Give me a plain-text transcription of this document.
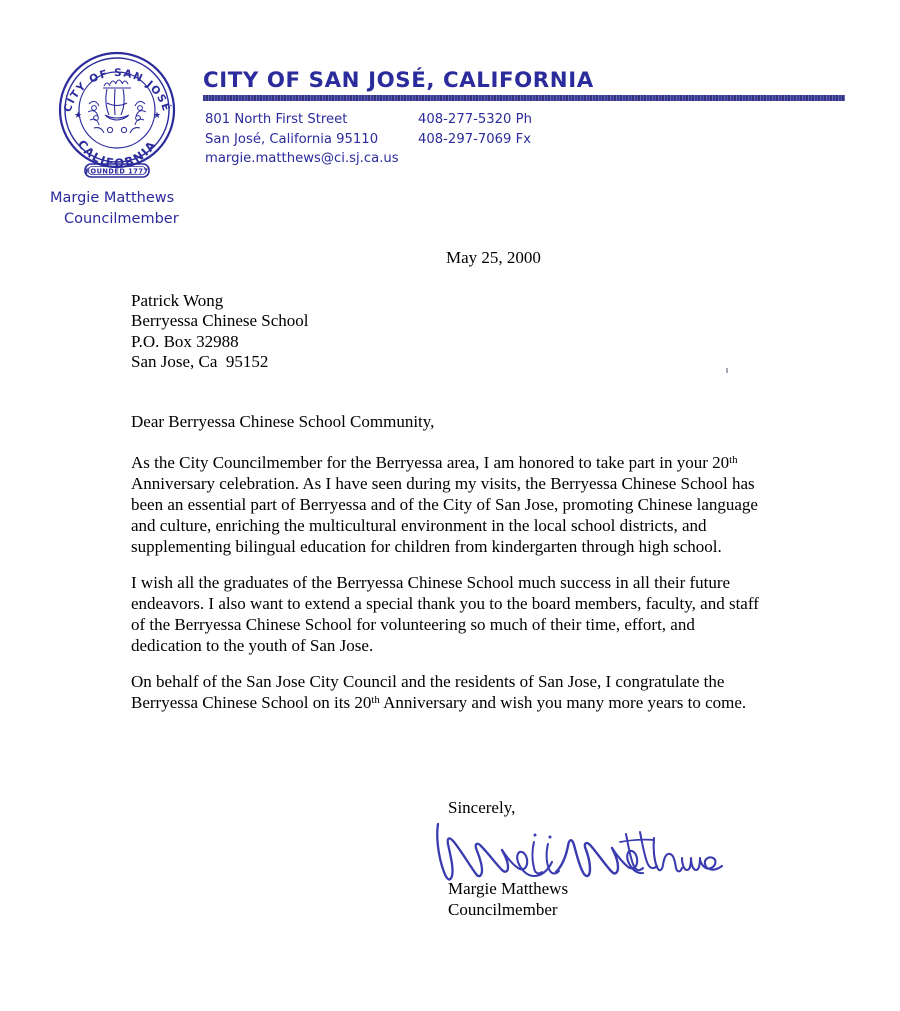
CITY OF SAN JOSÉ
CALIFORNIA
★	★
FOUNDED 1777
CITY OF SAN JOSÉ, CALIFORNIA
801 North First Street	408-277-5320 Ph
San José, California 95110	408-297-7069 Fx
margie.matthews@ci.sj.ca.us
Margie Matthews
Councilmember
May 25, 2000
Patrick Wong
Berryessa Chinese School
P.O. Box 32988
San Jose, Ca  95152
Dear Berryessa Chinese School Community,

As the City Councilmember for the Berryessa area, I am honored to take part in your 20th Anniversary celebration. As I have seen during my visits, the Berryessa Chinese School has been an essential part of Berryessa and of the City of San Jose, promoting Chinese language and culture, enriching the multicultural environment in the local school districts, and supplementing bilingual education for children from kindergarten through high school.

I wish all the graduates of the Berryessa Chinese School much success in all their future endeavors. I also want to extend a special thank you to the board members, faculty, and staff of the Berryessa Chinese School for volunteering so much of their time, effort, and dedication to the youth of San Jose.

On behalf of the San Jose City Council and the residents of San Jose, I congratulate the Berryessa Chinese School on its 20th Anniversary and wish you many more years to come.

Sincerely,
Margie Matthews
Councilmember
